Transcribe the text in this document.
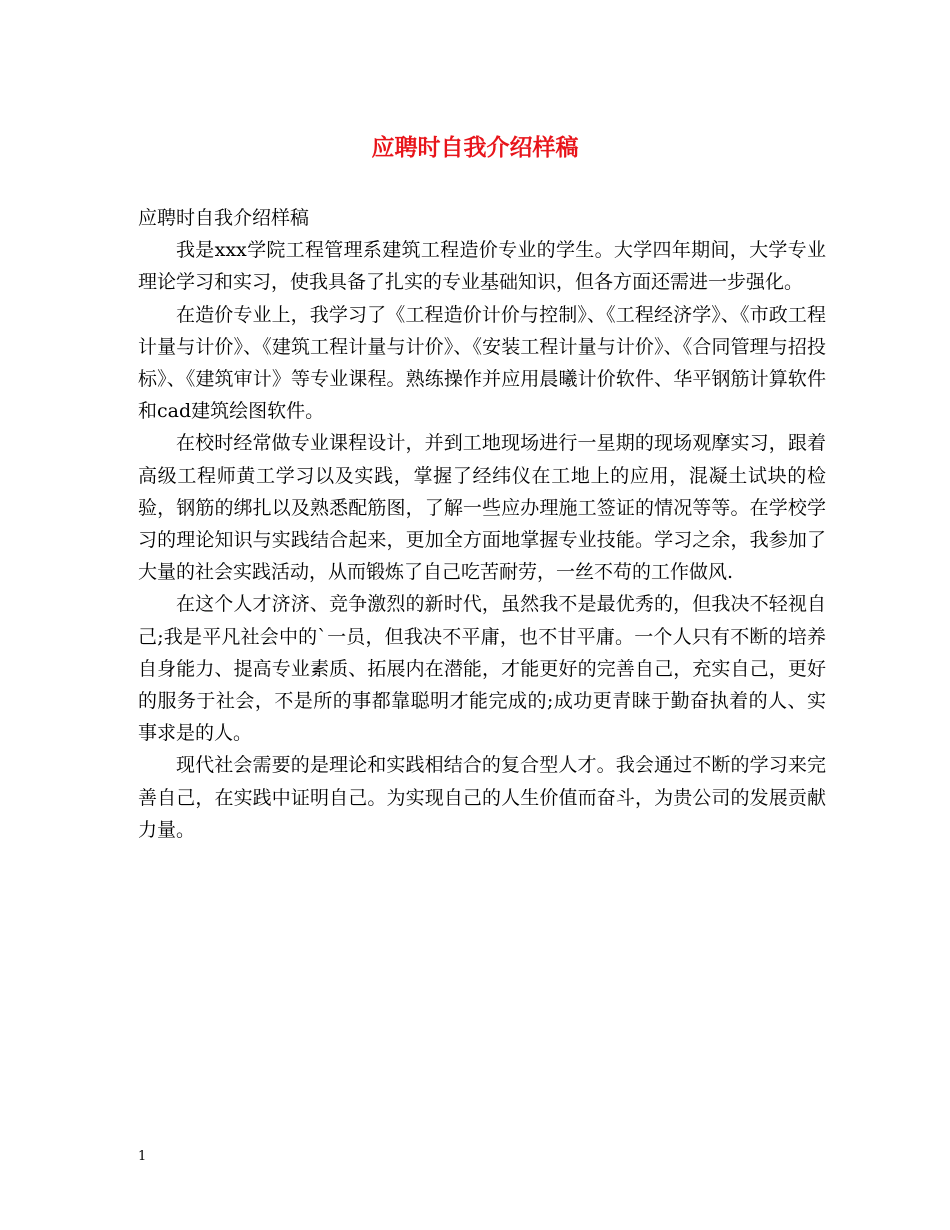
应聘时自我介绍样稿

应聘时自我介绍样稿

我是xxx学院工程管理系建筑工程造价专业的学生。大学四年期间，大学专业理论学习和实习，使我具备了扎实的专业基础知识，但各方面还需进一步强化。

在造价专业上，我学习了《工程造价计价与控制》、《工程经济学》、《市政工程计量与计价》、《建筑工程计量与计价》、《安装工程计量与计价》、《合同管理与招投标》、《建筑审计》等专业课程。熟练操作并应用晨曦计价软件、华平钢筋计算软件和cad建筑绘图软件。

在校时经常做专业课程设计，并到工地现场进行一星期的现场观摩实习，跟着高级工程师黄工学习以及实践，掌握了经纬仪在工地上的应用，混凝土试块的检验，钢筋的绑扎以及熟悉配筋图，了解一些应办理施工签证的情况等等。在学校学习的理论知识与实践结合起来，更加全方面地掌握专业技能。学习之余，我参加了大量的社会实践活动，从而锻炼了自己吃苦耐劳，一丝不苟的工作做风.

在这个人才济济、竞争激烈的新时代，虽然我不是最优秀的，但我决不轻视自己;我是平凡社会中的`一员，但我决不平庸，也不甘平庸。一个人只有不断的培养自身能力、提高专业素质、拓展内在潜能，才能更好的完善自己，充实自己，更好的服务于社会，不是所的事都靠聪明才能完成的;成功更青睐于勤奋执着的人、实事求是的人。

现代社会需要的是理论和实践相结合的复合型人才。我会通过不断的学习来完善自己，在实践中证明自己。为实现自己的人生价值而奋斗，为贵公司的发展贡献力量。

1
